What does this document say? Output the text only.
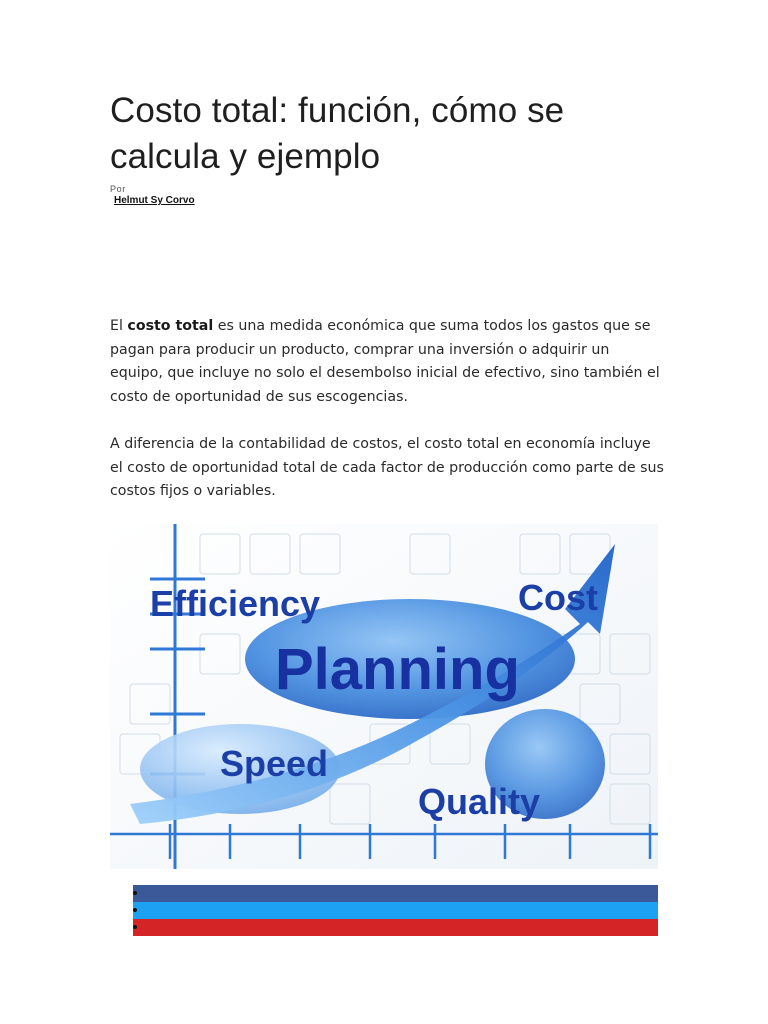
Costo total: función, cómo se calcula y ejemplo
Por
Helmut Sy Corvo

El costo total es una medida económica que suma todos los gastos que se pagan para producir un producto, comprar una inversión o adquirir un equipo, que incluye no solo el desembolso inicial de efectivo, sino también el costo de oportunidad de sus escogencias.

A diferencia de la contabilidad de costos, el costo total en economía incluye el costo de oportunidad total de cada factor de producción como parte de sus costos fijos o variables.

Efficiency	Cost
Planning
Speed
Quality
